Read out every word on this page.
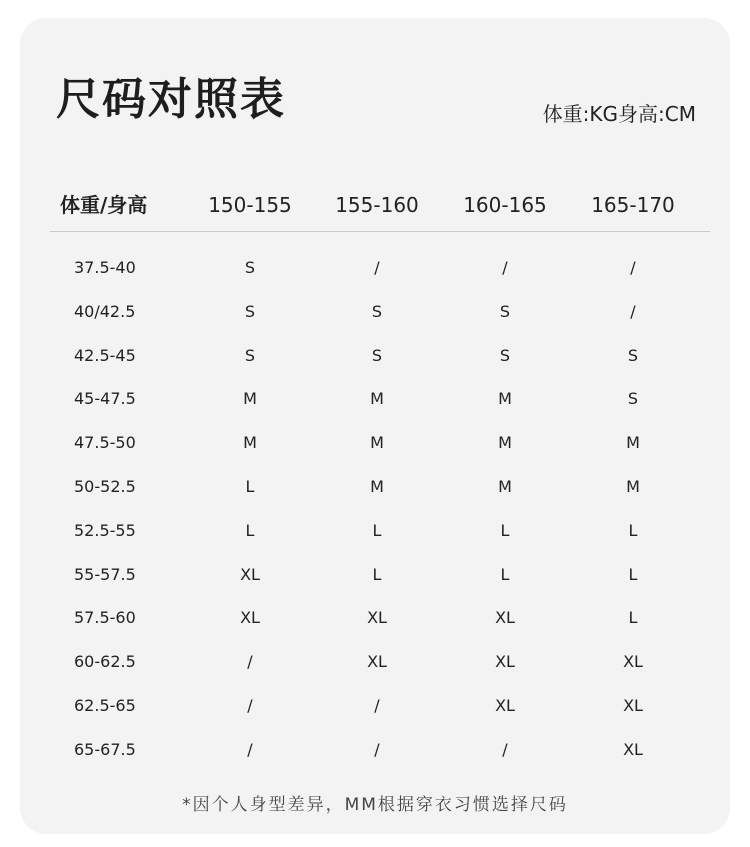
尺码对照表	体重:KG身高:CM
体重/身高	150-155	155-160	160-165	165-170
37.5-40	S	/	/	/
40/42.5	S	S	S	/
42.5-45	S	S	S	S
45-47.5	M	M	M	S
47.5-50	M	M	M	M
50-52.5	L	M	M	M
52.5-55	L	L	L	L
55-57.5	XL	L	L	L
57.5-60	XL	XL	XL	L
60-62.5	/	XL	XL	XL
62.5-65	/	/	XL	XL
65-67.5	/	/	/	XL
*因个人身型差异，MM根据穿衣习惯选择尺码
